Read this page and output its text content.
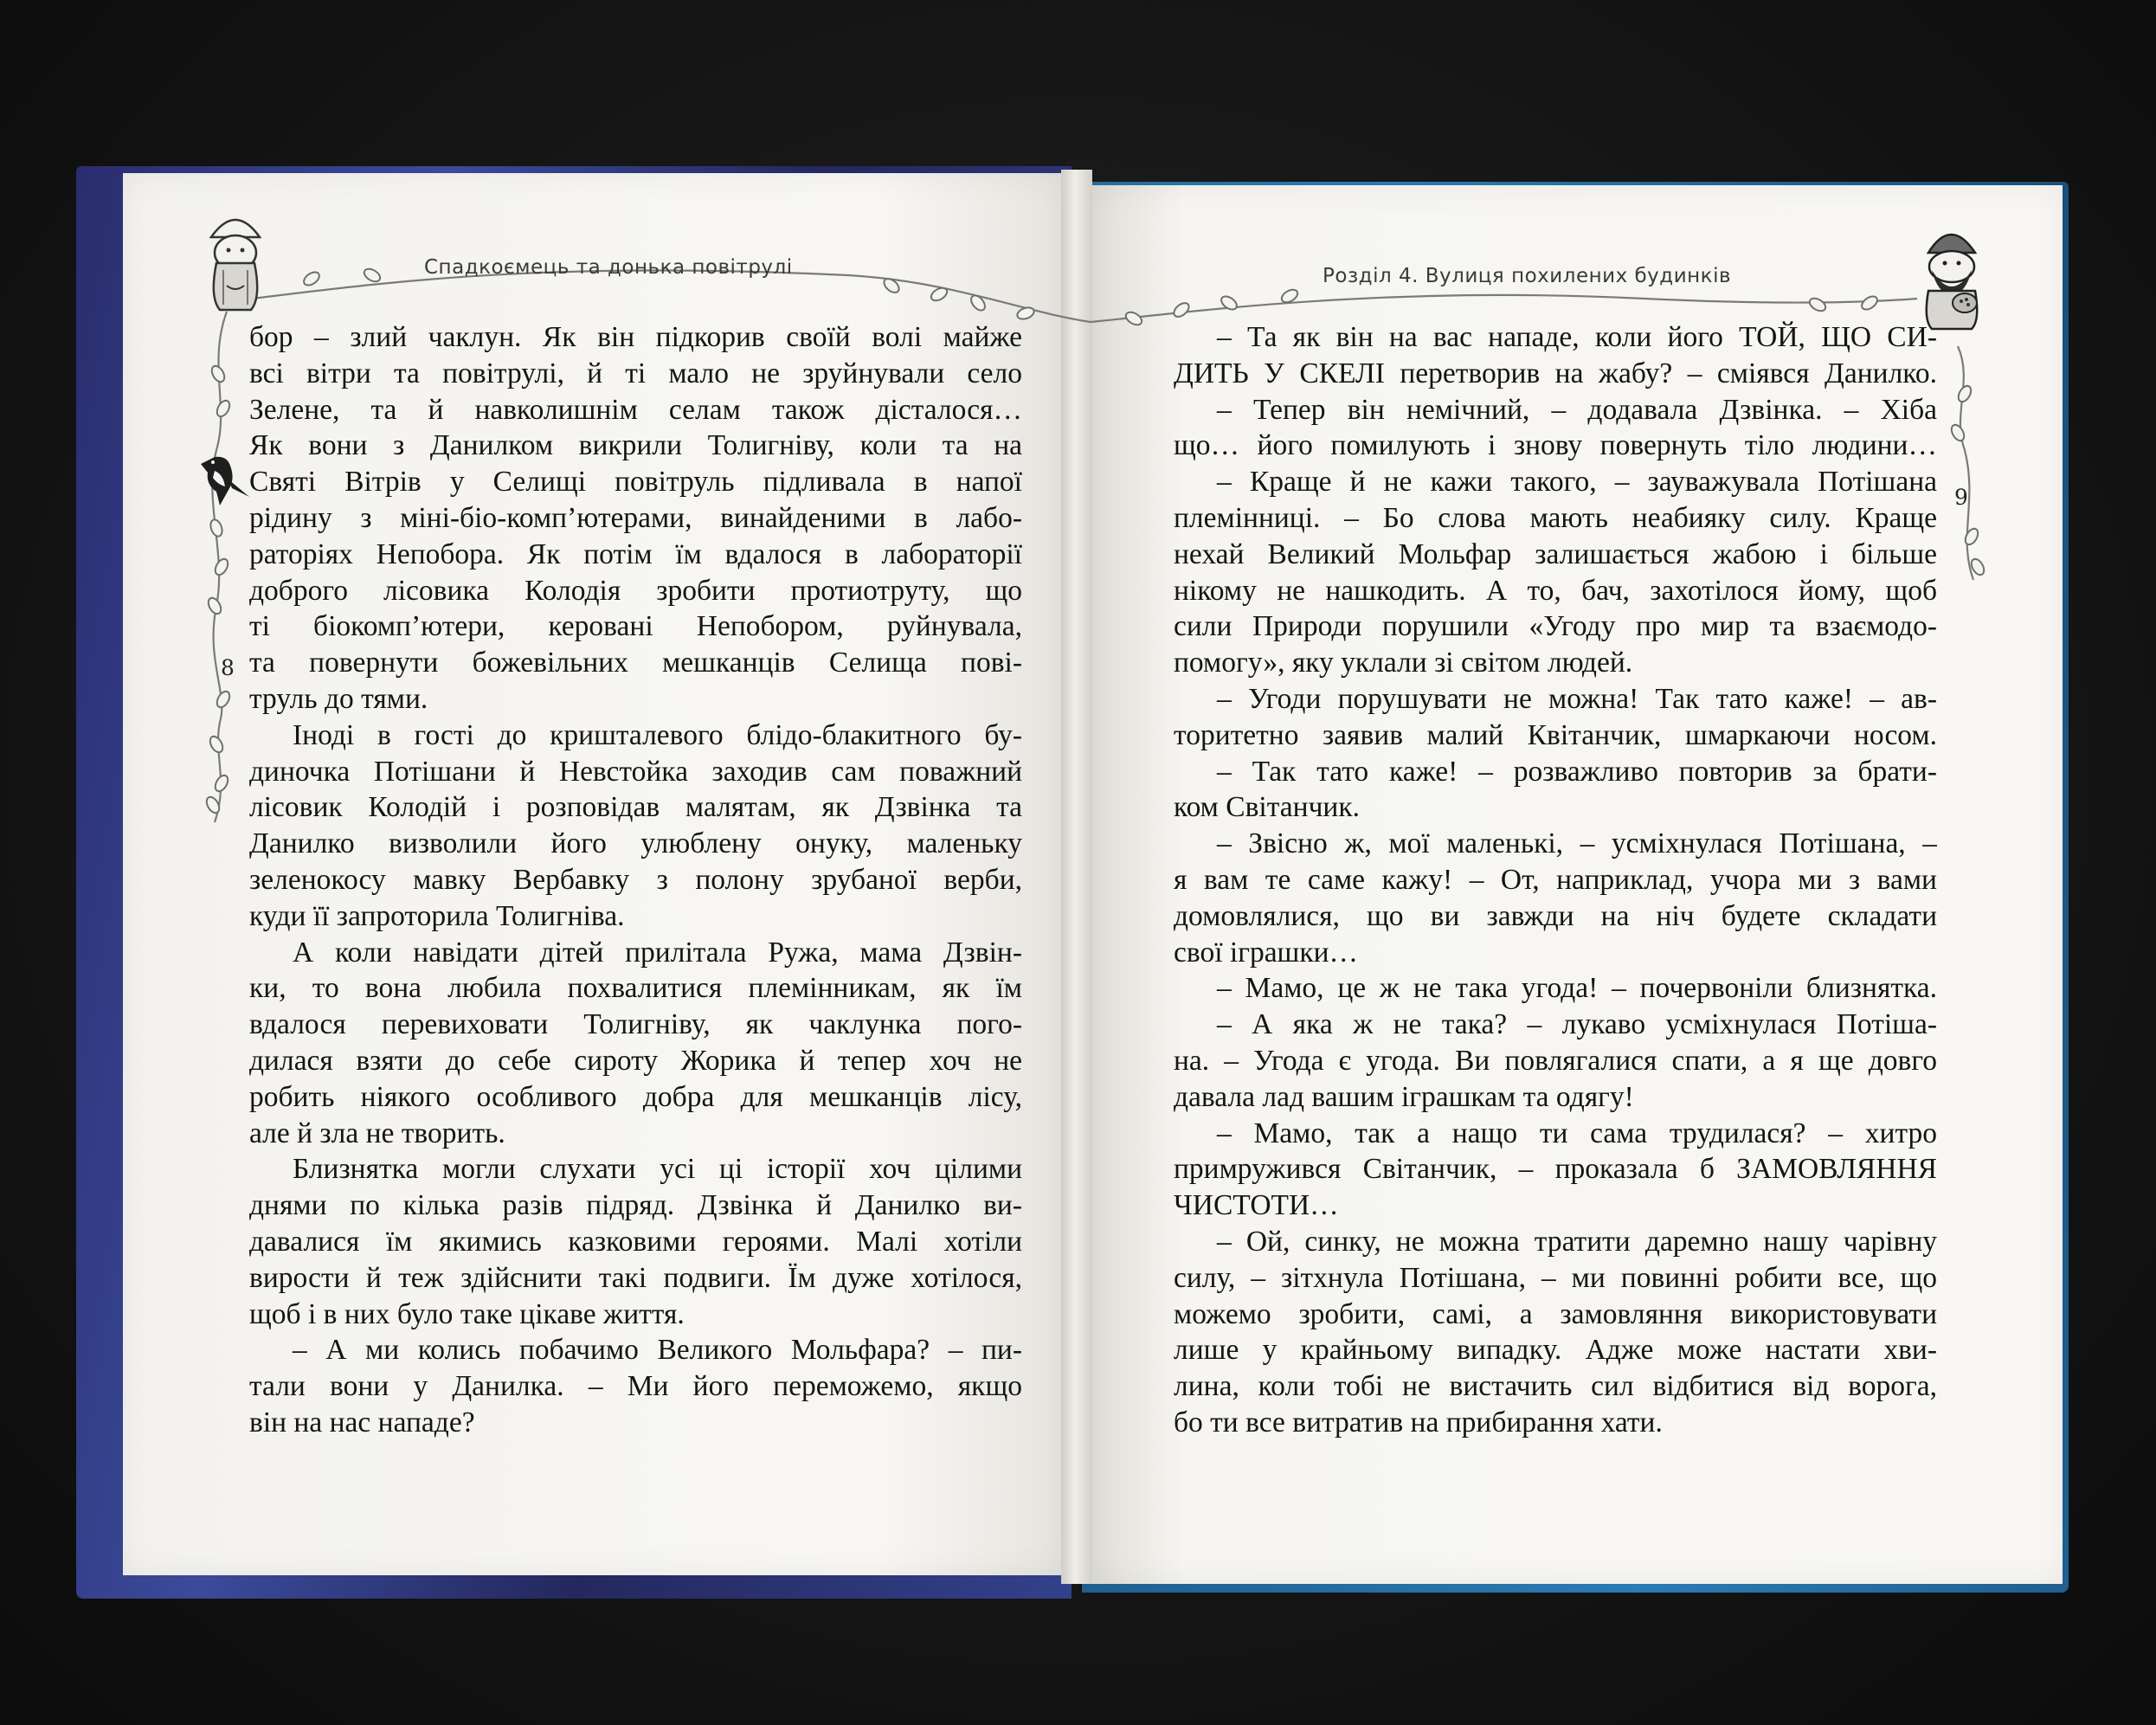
Спадкоємець та донька повітрулі	Розділ 4. Вулиця похилених будинків
8
9
бор – злий чаклун. Як він підкорив своїй волі майже
всі вітри та повітрулі, й ті мало не зруйнували село
Зелене, та й навколишнім селам також дісталося…
Як вони з Данилком викрили Толигніву, коли та на
Святі Вітрів у Селищі повітруль підливала в напої
рідину з міні-біо-комп’ютерами, винайденими в лабо-
раторіях Непобора. Як потім їм вдалося в лабораторії
доброго лісовика Колодія зробити протиотруту, що
ті біокомп’ютери, керовані Непобором, руйнувала,
та повернути божевільних мешканців Селища пові-
труль до тями.
Іноді в гості до кришталевого блідо-блакитного бу-
диночка Потішани й Невстойка заходив сам поважний
лісовик Колодій і розповідав малятам, як Дзвінка та
Данилко визволили його улюблену онуку, маленьку
зеленокосу мавку Вербавку з полону зрубаної верби,
куди її запроторила Толигніва.
А коли навідати дітей прилітала Ружа, мама Дзвін-
ки, то вона любила похвалитися племінникам, як їм
вдалося перевиховати Толигніву, як чаклунка пого-
дилася взяти до себе сироту Жорика й тепер хоч не
робить ніякого особливого добра для мешканців лісу,
але й зла не творить.
Близнятка могли слухати усі ці історії хоч цілими
днями по кілька разів підряд. Дзвінка й Данилко ви-
давалися їм якимись казковими героями. Малі хотіли
вирости й теж здійснити такі подвиги. Їм дуже хотілося,
щоб і в них було таке цікаве життя.
– А ми колись побачимо Великого Мольфара? – пи-
тали вони у Данилка. – Ми його переможемо, якщо
він на нас нападе?
– Та як він на вас нападе, коли його ТОЙ, ЩО СИ-
ДИТЬ У СКЕЛІ перетворив на жабу? – сміявся Данилко.
– Тепер він немічний, – додавала Дзвінка. – Хіба
що… його помилують і знову повернуть тіло людини…
– Краще й не кажи такого, – зауважувала Потішана
племінниці. – Бо слова мають неабияку силу. Краще
нехай Великий Мольфар залишається жабою і більше
нікому не нашкодить. А то, бач, захотілося йому, щоб
сили Природи порушили «Угоду про мир та взаємодо-
помогу», яку уклали зі світом людей.
– Угоди порушувати не можна! Так тато каже! – ав-
торитетно заявив малий Квітанчик, шмаркаючи носом.
– Так тато каже! – розважливо повторив за брати-
ком Світанчик.
– Звісно ж, мої маленькі, – усміхнулася Потішана, –
я вам те саме кажу! – От, наприклад, учора ми з вами
домовлялися, що ви завжди на ніч будете складати
свої іграшки…
– Мамо, це ж не така угода! – почервоніли близнятка.
– А яка ж не така? – лукаво усміхнулася Потіша-
на. – Угода є угода. Ви повлягалися спати, а я ще довго
давала лад вашим іграшкам та одягу!
– Мамо, так а нащо ти сама трудилася? – хитро
примружився Світанчик, – проказала б ЗАМОВЛЯННЯ
ЧИСТОТИ…
– Ой, синку, не можна тратити даремно нашу чарівну
силу, – зітхнула Потішана, – ми повинні робити все, що
можемо зробити, самі, а замовляння використовувати
лише у крайньому випадку. Адже може настати хви-
лина, коли тобі не вистачить сил відбитися від ворога,
бо ти все витратив на прибирання хати.
